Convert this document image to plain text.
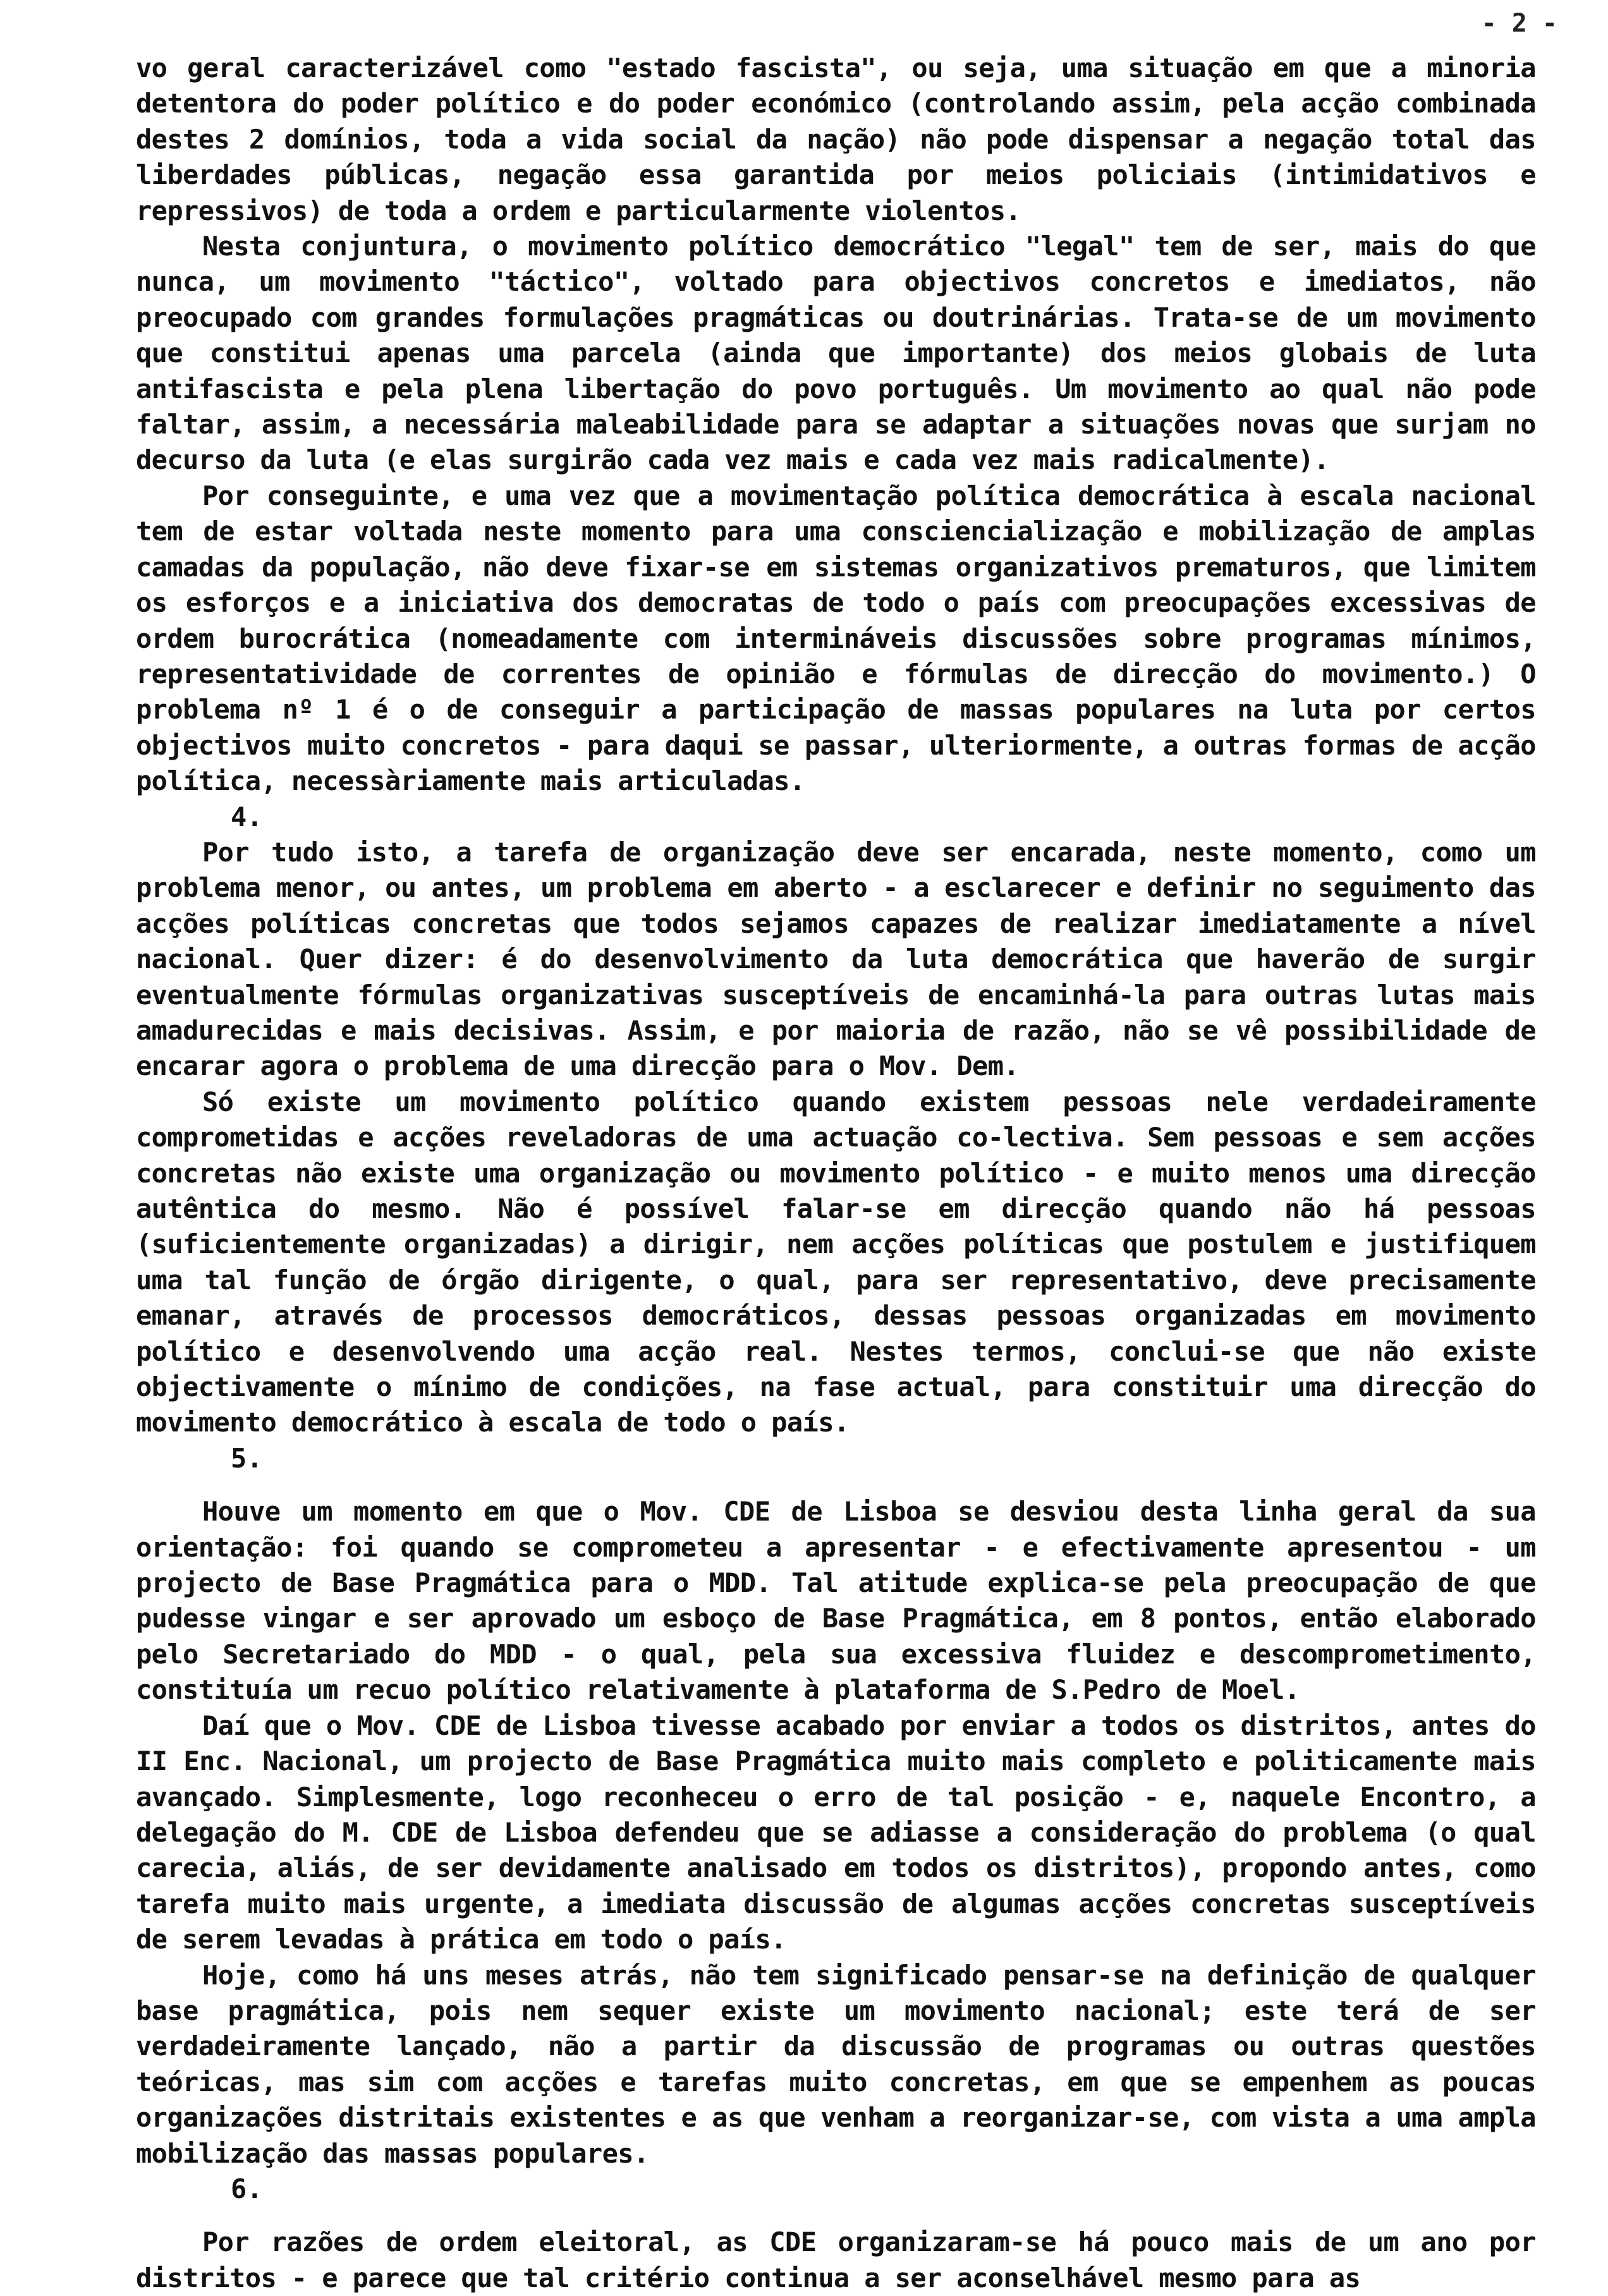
- 2 -

vo geral caracterizável como "estado fascista", ou seja, uma situação em que a minoria detentora do poder político e do poder económico (controlando assim, pela acção combinada destes 2 domínios, toda a vida social da nação) não pode dispensar a negação total das liberdades públicas, negação essa garantida por meios policiais (intimidativos e repressivos) de toda a ordem e particularmente violentos.

Nesta conjuntura, o movimento político democrático "legal" tem de ser, mais do que nunca, um movimento "táctico", voltado para objectivos concretos e imediatos, não preocupado com grandes formulações pragmáticas ou doutrinárias. Trata-se de um movimento que constitui apenas uma parcela (ainda que importante) dos meios globais de luta antifascista e pela plena libertação do povo português. Um movimento ao qual não pode faltar, assim, a necessária maleabilidade para se adaptar a situações novas que surjam no decurso da luta (e elas surgirão cada vez mais e cada vez mais radicalmente).

Por conseguinte, e uma vez que a movimentação política democrática à escala nacional tem de estar voltada neste momento para uma consciencialização e mobilização de amplas camadas da população, não deve fixar-se em sistemas organizativos prematuros, que limitem os esforços e a iniciativa dos democratas de todo o país com preocupações excessivas de ordem burocrática (nomeadamente com intermináveis discussões sobre programas mínimos, representatividade de correntes de opinião e fórmulas de direcção do movimento.) O problema nº 1 é o de conseguir a participação de massas populares na luta por certos objectivos muito concretos - para daqui se passar, ulteriormente, a outras formas de acção política, necessàriamente mais articuladas.

4.

Por tudo isto, a tarefa de organização deve ser encarada, neste momento, como um problema menor, ou antes, um problema em aberto - a esclarecer e definir no seguimento das acções políticas concretas que todos sejamos capazes de realizar imediatamente a nível nacional. Quer dizer: é do desenvolvimento da luta democrática que haverão de surgir eventualmente fórmulas organizativas susceptíveis de encaminhá-la para outras lutas mais amadurecidas e mais decisivas. Assim, e por maioria de razão, não se vê possibilidade de encarar agora o problema de uma direcção para o Mov. Dem.

Só existe um movimento político quando existem pessoas nele verdadeiramente comprometidas e acções reveladoras de uma actuação co-lectiva. Sem pessoas e sem acções concretas não existe uma organização ou movimento político - e muito menos uma direcção autêntica do mesmo. Não é possível falar-se em direcção quando não há pessoas (suficientemente organizadas) a dirigir, nem acções políticas que postulem e justifiquem uma tal função de órgão dirigente, o qual, para ser representativo, deve precisamente emanar, através de processos democráticos, dessas pessoas organizadas em movimento político e desenvolvendo uma acção real. Nestes termos, conclui-se que não existe objectivamente o mínimo de condições, na fase actual, para constituir uma direcção do movimento democrático à escala de todo o país.

5.

Houve um momento em que o Mov. CDE de Lisboa se desviou desta linha geral da sua orientação: foi quando se comprometeu a apresentar - e efectivamente apresentou - um projecto de Base Pragmática para o MDD. Tal atitude explica-se pela preocupação de que pudesse vingar e ser aprovado um esboço de Base Pragmática, em 8 pontos, então elaborado pelo Secretariado do MDD - o qual, pela sua excessiva fluidez e descomprometimento, constituía um recuo político relativamente à plataforma de S.Pedro de Moel.

Daí que o Mov. CDE de Lisboa tivesse acabado por enviar a todos os distritos, antes do II Enc. Nacional, um projecto de Base Pragmática muito mais completo e politicamente mais avançado. Simplesmente, logo reconheceu o erro de tal posição - e, naquele Encontro, a delegação do M. CDE de Lisboa defendeu que se adiasse a consideração do problema (o qual carecia, aliás, de ser devidamente analisado em todos os distritos), propondo antes, como tarefa muito mais urgente, a imediata discussão de algumas acções concretas susceptíveis de serem levadas à prática em todo o país.

Hoje, como há uns meses atrás, não tem significado pensar-se na definição de qualquer base pragmática, pois nem sequer existe um movimento nacional; este terá de ser verdadeiramente lançado, não a partir da discussão de programas ou outras questões teóricas, mas sim com acções e tarefas muito concretas, em que se empenhem as poucas organizações distritais existentes e as que venham a reorganizar-se, com vista a uma ampla mobilização das massas populares.

6.

Por razões de ordem eleitoral, as CDE organizaram-se há pouco mais de um ano por distritos - e parece que tal critério continua a ser aconselhável mesmo para as
